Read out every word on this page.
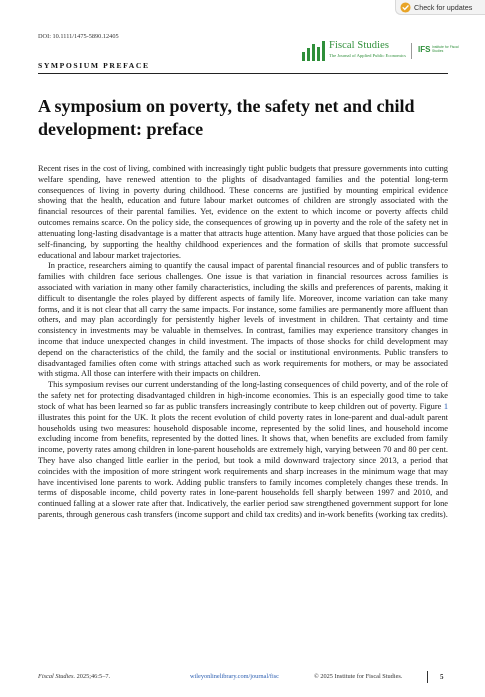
Check for updates
DOI: 10.1111/1475-5890.12405
Fiscal Studies
The Journal of Applied Public Economics
IFS Institute for Fiscal Studies
SYMPOSIUM PREFACE
A symposium on poverty, the safety net and child development: preface

Recent rises in the cost of living, combined with increasingly tight public budgets that pressure governments into cutting welfare spending, have renewed attention to the plights of disadvantaged families and the potential long-term consequences of living in poverty during childhood. These concerns are justified by mounting empirical evidence showing that the health, education and future labour market outcomes of children are strongly associated with the financial resources of their parental families. Yet, evidence on the extent to which income or poverty affects child outcomes remains scarce. On the policy side, the consequences of growing up in poverty and the role of the safety net in attenuating long-lasting disadvantage is a matter that attracts huge attention. Many have argued that those policies can be self-financing, by supporting the healthy childhood experiences and the formation of skills that promote successful educational and labour market trajectories.

In practice, researchers aiming to quantify the causal impact of parental financial resources and of public transfers to families with children face serious challenges. One issue is that variation in financial resources across families is associated with variation in many other family characteristics, including the skills and preferences of parents, making it difficult to disentangle the roles played by different aspects of family life. Moreover, income variation can take many forms, and it is not clear that all carry the same impacts. For instance, some families are permanently more affluent than others, and may plan accordingly for persistently higher levels of investment in children. That certainty and time consistency in investments may be valuable in themselves. In contrast, families may experience transitory changes in income that induce unexpected changes in child investment. The impacts of those shocks for child development may depend on the characteristics of the child, the family and the social or institutional environments. Public transfers to disadvantaged families often come with strings attached such as work requirements for mothers, or may be associated with stigma. All those can interfere with their impacts on children.

This symposium revises our current understanding of the long-lasting consequences of child poverty, and of the role of the safety net for protecting disadvantaged children in high-income economies. This is an especially good time to take stock of what has been learned so far as public transfers increasingly contribute to keep children out of poverty. Figure 1 illustrates this point for the UK. It plots the recent evolution of child poverty rates in lone-parent and dual-adult parent households using two measures: household disposable income, represented by the solid lines, and household income excluding income from benefits, represented by the dotted lines. It shows that, when benefits are excluded from family income, poverty rates among children in lone-parent households are extremely high, varying between 70 and 80 per cent. They have also changed little earlier in the period, but took a mild downward trajectory since 2013, a period that coincides with the imposition of more stringent work requirements and sharp increases in the minimum wage that may have incentivised lone parents to work. Adding public transfers to family incomes completely changes these trends. In terms of disposable income, child poverty rates in lone-parent households fell sharply between 1997 and 2010, and continued falling at a slower rate after that. Indicatively, the earlier period saw strengthened government support for lone parents, through generous cash transfers (income support and child tax credits) and in-work benefits (working tax credits).

Fiscal Studies. 2025;46:5–7.	wileyonlinelibrary.com/journal/fisc	© 2025 Institute for Fiscal Studies.	5
